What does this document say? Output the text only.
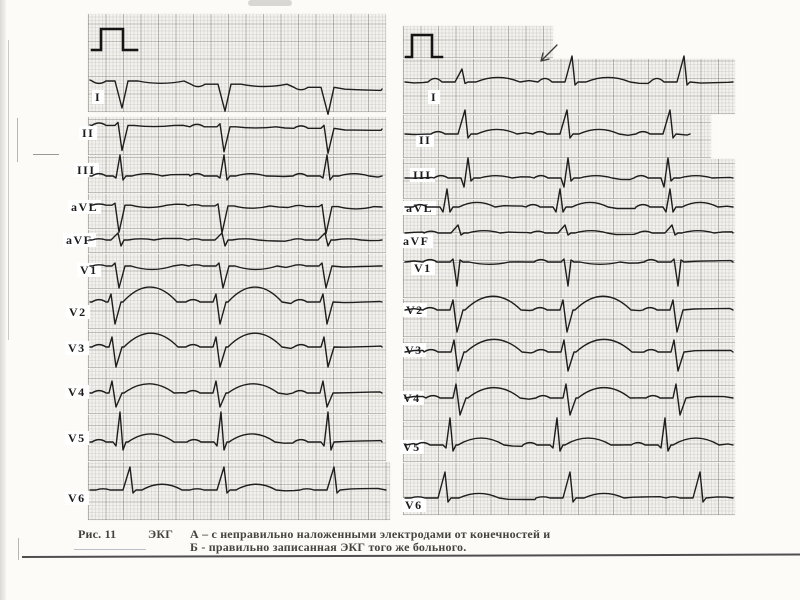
I
II
III
aVL
aVF
V1
V2
V3
V4
V5
V6
I
II
III
aVL
aVF
V1
V2
V3
V4
V5
V6
Рис. 11	ЭКГ А – с неправильно наложенными электродами от конечностей и
Б - правильно записанная ЭКГ того же больного.
